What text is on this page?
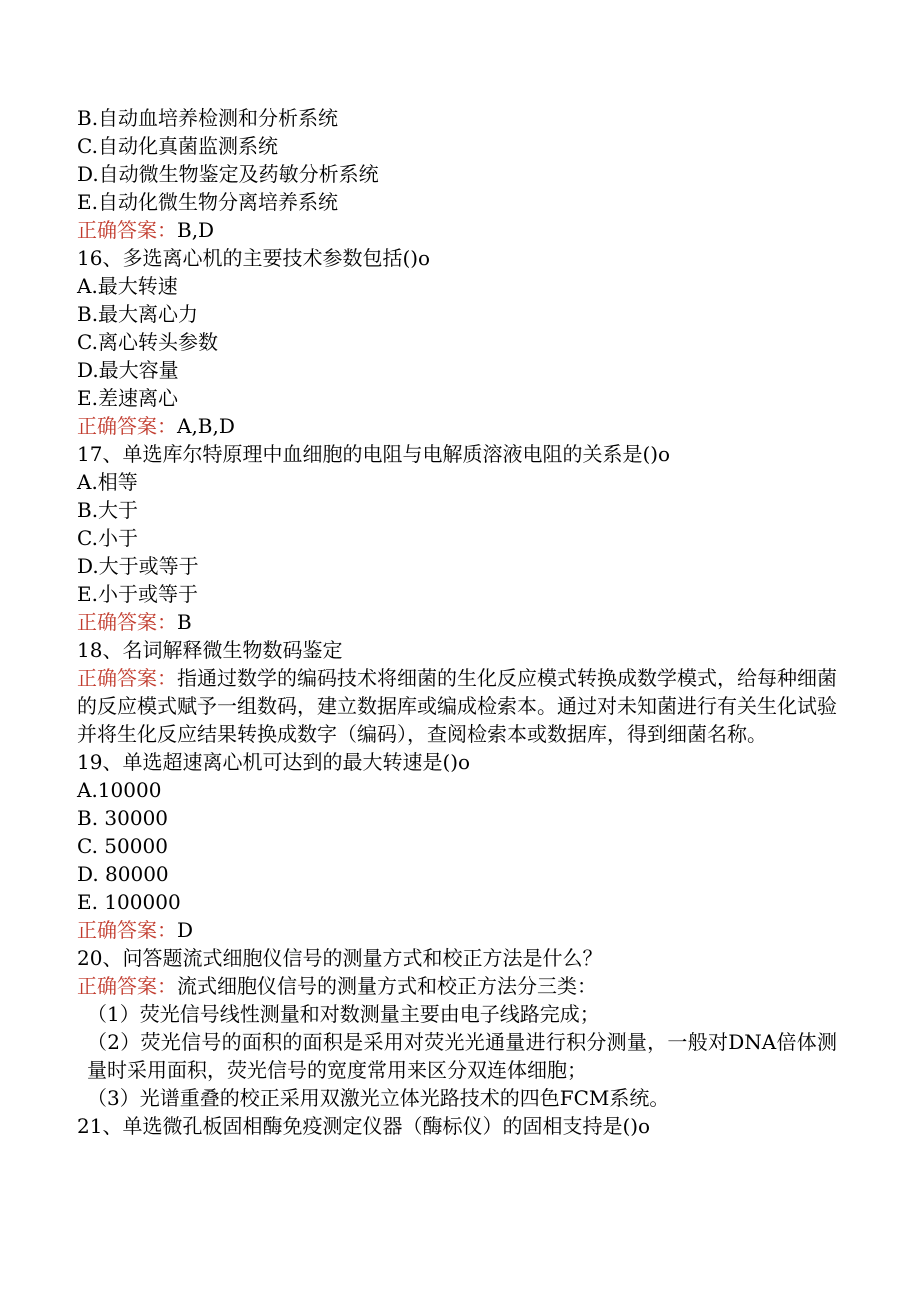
B.自动血培养检测和分析系统
C.自动化真菌监测系统
D.自动微生物鉴定及药敏分析系统
E.自动化微生物分离培养系统
正确答案：B,D
16、多选离心机的主要技术参数包括()o
A.最大转速
B.最大离心力
C.离心转头参数
D.最大容量
E.差速离心
正确答案：A,B,D
17、单选库尔特原理中血细胞的电阻与电解质溶液电阻的关系是()o
A.相等
B.大于
C.小于
D.大于或等于
E.小于或等于
正确答案：B
18、名词解释微生物数码鉴定
正确答案：指通过数学的编码技术将细菌的生化反应模式转换成数学模式，给每种细菌的反应模式赋予一组数码，建立数据库或编成检索本。通过对未知菌进行有关生化试验并将生化反应结果转换成数字（编码），查阅检索本或数据库，得到细菌名称。
19、单选超速离心机可达到的最大转速是()o
A.10000
B. 30000
C. 50000
D. 80000
E. 100000
正确答案：D
20、问答题流式细胞仪信号的测量方式和校正方法是什么？
正确答案：流式细胞仪信号的测量方式和校正方法分三类：
（1）荧光信号线性测量和对数测量主要由电子线路完成；
（2）荧光信号的面积的面积是采用对荧光光通量进行积分测量，一般对DNA倍体测量时采用面积，荧光信号的宽度常用来区分双连体细胞；
（3）光谱重叠的校正采用双激光立体光路技术的四色FCM系统。
21、单选微孔板固相酶免疫测定仪器（酶标仪）的固相支持是()o
